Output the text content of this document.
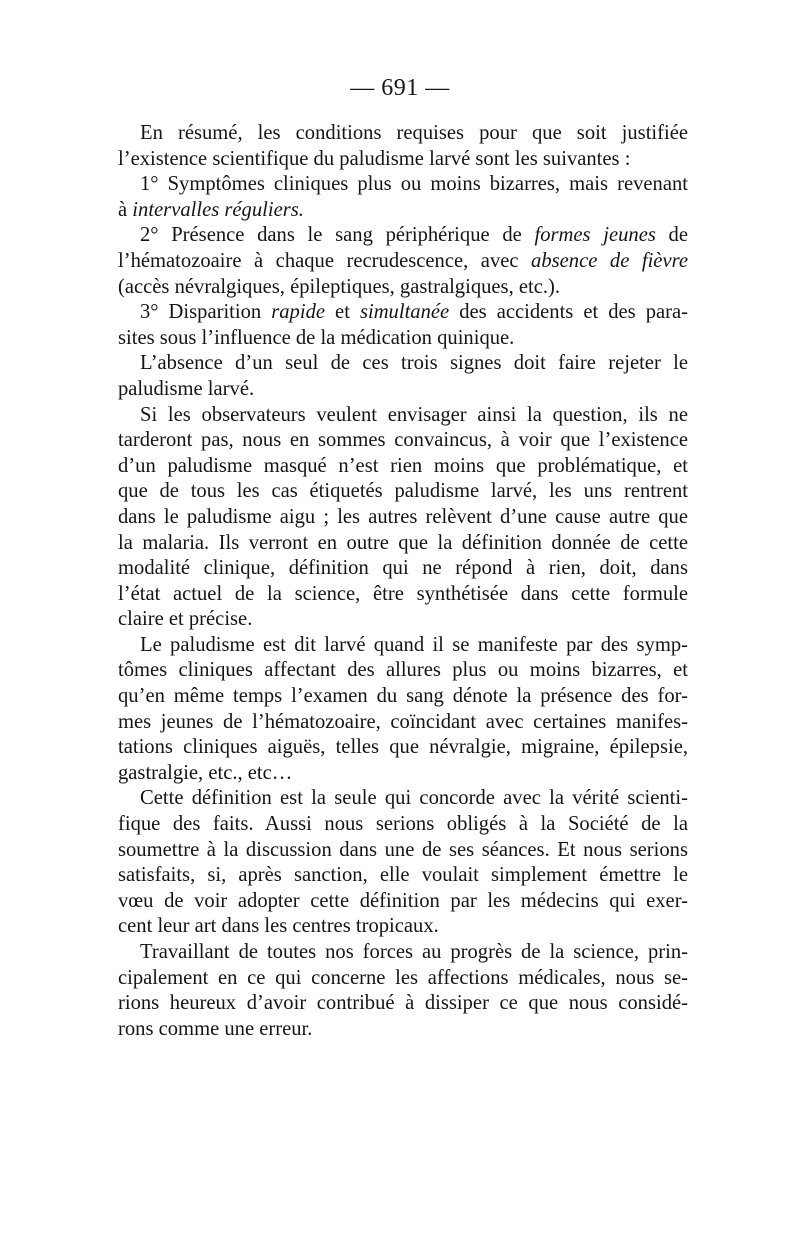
— 691 —
En résumé, les conditions requises pour que soit justifiée
l’existence scientifique du paludisme larvé sont les suivantes :
1° Symptômes cliniques plus ou moins bizarres, mais revenant
à intervalles réguliers.
2° Présence dans le sang périphérique de formes jeunes de
l’hématozoaire à chaque recrudescence, avec absence de fièvre
(accès névralgiques, épileptiques, gastralgiques, etc.).
3° Disparition rapide et simultanée des accidents et des para-
sites sous l’influence de la médication quinique.
L’absence d’un seul de ces trois signes doit faire rejeter le
paludisme larvé.
Si les observateurs veulent envisager ainsi la question, ils ne
tarderont pas, nous en sommes convaincus, à voir que l’existence
d’un paludisme masqué n’est rien moins que problématique, et
que de tous les cas étiquetés paludisme larvé, les uns rentrent
dans le paludisme aigu ; les autres relèvent d’une cause autre que
la malaria. Ils verront en outre que la définition donnée de cette
modalité clinique, définition qui ne répond à rien, doit, dans
l’état actuel de la science, être synthétisée dans cette formule
claire et précise.
Le paludisme est dit larvé quand il se manifeste par des symp-
tômes cliniques affectant des allures plus ou moins bizarres, et
qu’en même temps l’examen du sang dénote la présence des for-
mes jeunes de l’hématozoaire, coïncidant avec certaines manifes-
tations cliniques aiguës, telles que névralgie, migraine, épilepsie,
gastralgie, etc., etc…
Cette définition est la seule qui concorde avec la vérité scienti-
fique des faits. Aussi nous serions obligés à la Société de la
soumettre à la discussion dans une de ses séances. Et nous serions
satisfaits, si, après sanction, elle voulait simplement émettre le
vœu de voir adopter cette définition par les médecins qui exer-
cent leur art dans les centres tropicaux.
Travaillant de toutes nos forces au progrès de la science, prin-
cipalement en ce qui concerne les affections médicales, nous se-
rions heureux d’avoir contribué à dissiper ce que nous considé-
rons comme une erreur.
